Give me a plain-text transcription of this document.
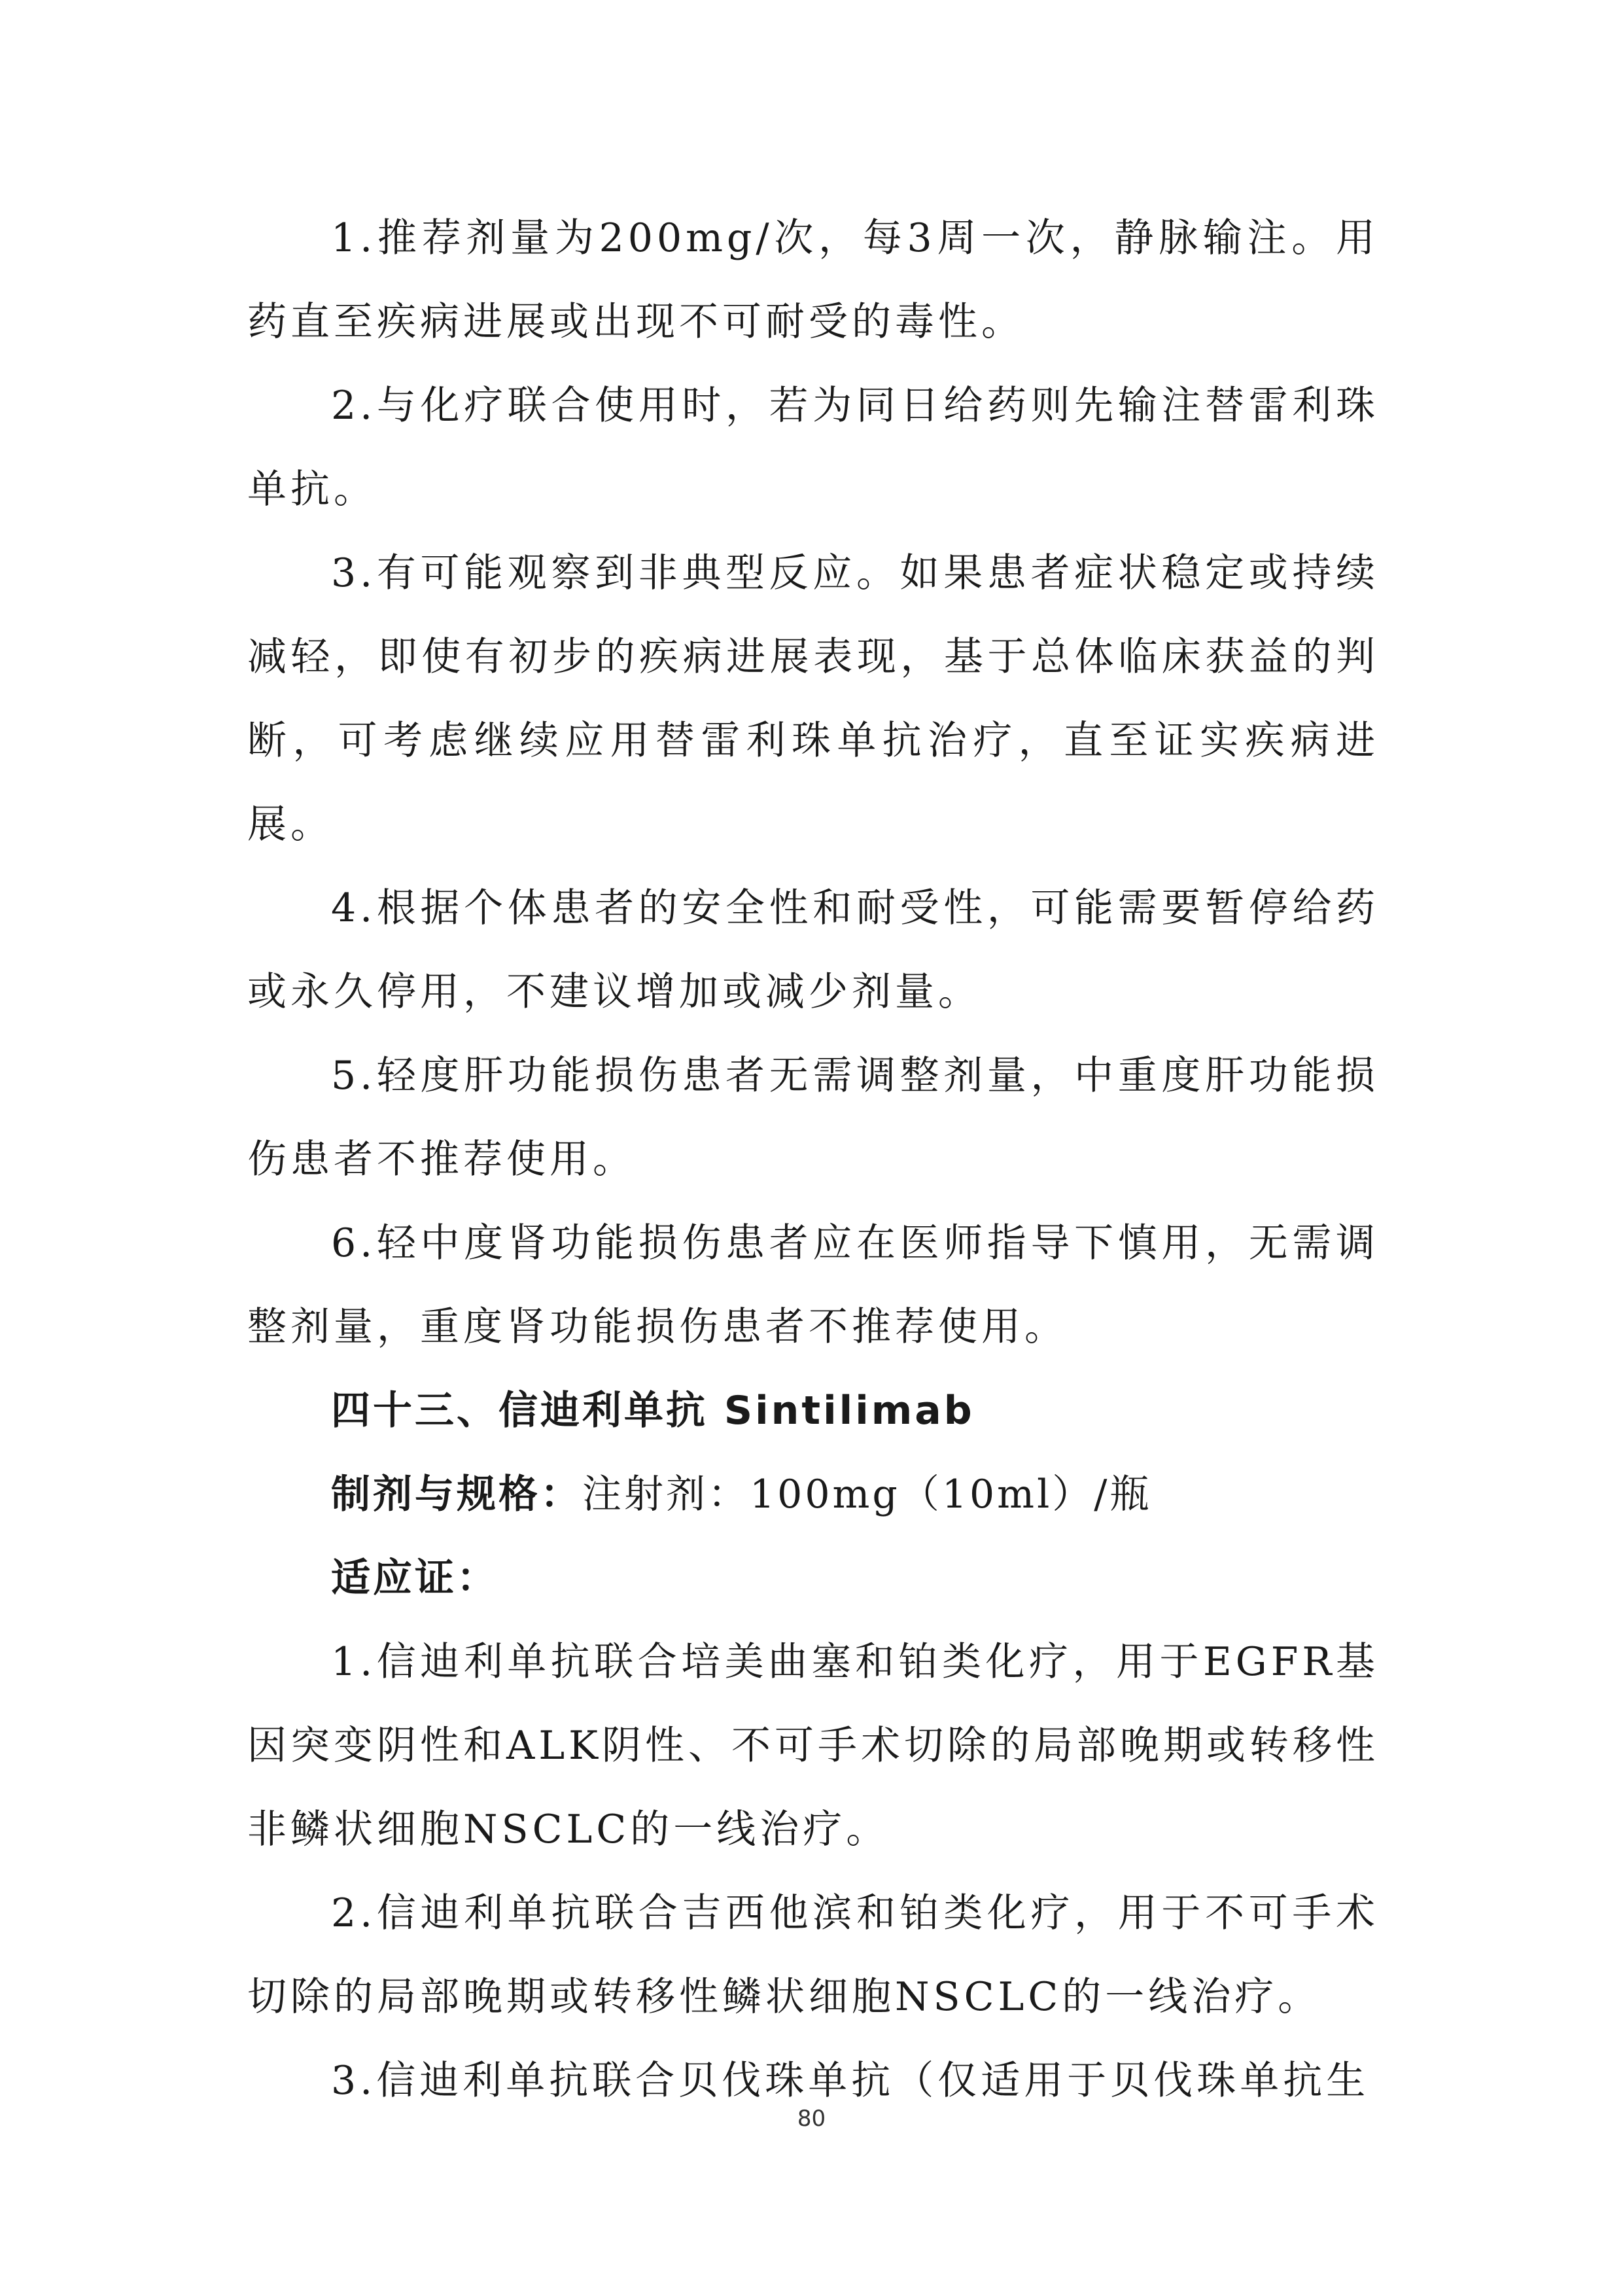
1.推荐剂量为200mg/次，每3周一次，静脉输注。用药直至疾病进展或出现不可耐受的毒性。

2.与化疗联合使用时，若为同日给药则先输注替雷利珠单抗。

3.有可能观察到非典型反应。如果患者症状稳定或持续减轻，即使有初步的疾病进展表现，基于总体临床获益的判断，可考虑继续应用替雷利珠单抗治疗，直至证实疾病进展。

4.根据个体患者的安全性和耐受性，可能需要暂停给药或永久停用，不建议增加或减少剂量。

5.轻度肝功能损伤患者无需调整剂量，中重度肝功能损伤患者不推荐使用。

6.轻中度肾功能损伤患者应在医师指导下慎用，无需调整剂量，重度肾功能损伤患者不推荐使用。

四十三、信迪利单抗 Sintilimab

制剂与规格：注射剂：100mg（10ml）/瓶

适应证：

1.信迪利单抗联合培美曲塞和铂类化疗，用于EGFR基因突变阴性和ALK阴性、不可手术切除的局部晚期或转移性非鳞状细胞NSCLC的一线治疗。

2.信迪利单抗联合吉西他滨和铂类化疗，用于不可手术切除的局部晚期或转移性鳞状细胞NSCLC的一线治疗。

3.信迪利单抗联合贝伐珠单抗（仅适用于贝伐珠单抗生

80
